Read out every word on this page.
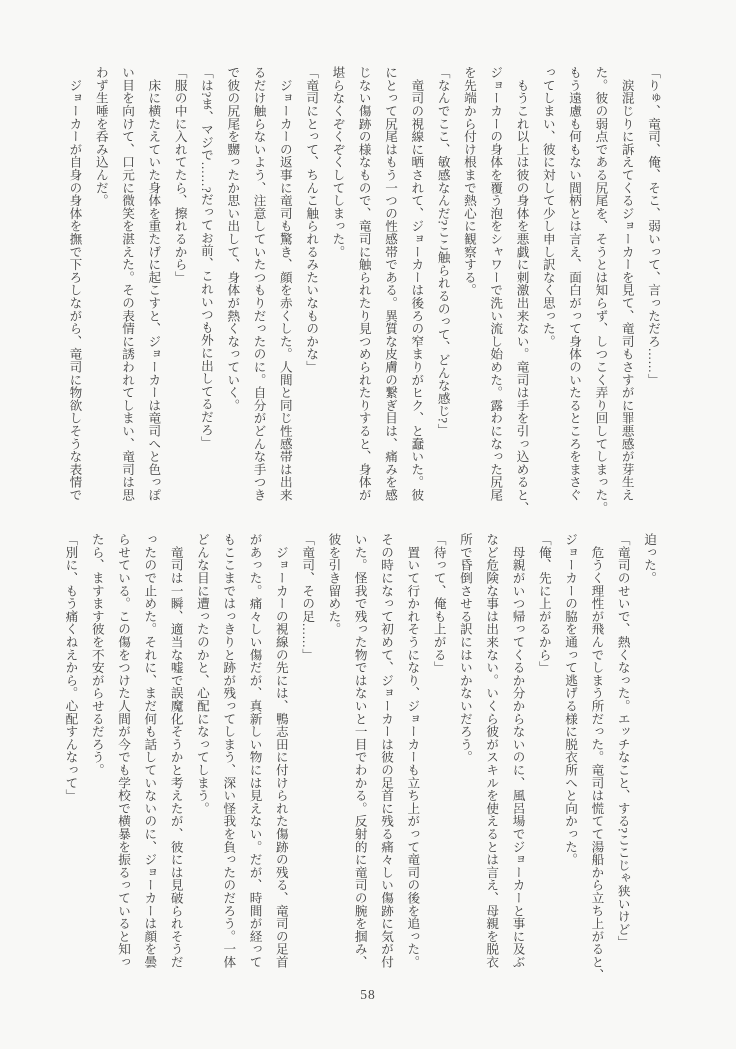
「りゅ、竜司、俺、そこ、弱いって、言っただろ……」
　涙混じりに訴えてくるジョーカーを見て、竜司もさすがに罪悪感が芽生え
た。彼の弱点である尻尾を、そうとは知らず、しつこく弄り回してしまった。
もう遠慮も何もない間柄とは言え、面白がって身体のいたるところをまさぐ
ってしまい、彼に対して少し申し訳なく思った。
　もうこれ以上は彼の身体を悪戯に刺激出来ない。竜司は手を引っ込めると、
ジョーカーの身体を覆う泡をシャワーで洗い流し始めた。露わになった尻尾
を先端から付け根まで熱心に観察する。
「なんでここ、敏感なんだ?ここ触られるのって、どんな感じ?」
　竜司の視線に晒されて、ジョーカーは後ろの窄まりがヒク、と蠢いた。彼
にとって尻尾はもう一つの性感帯である。異質な皮膚の繋ぎ目は、痛みを感
じない傷跡の様なもので、竜司に触られたり見つめられたりすると、身体が
堪らなくぞくぞくしてしまった。
「竜司にとって、ちんこ触られるみたいなものかな」
　ジョーカーの返事に竜司も驚き、顔を赤くした。人間と同じ性感帯は出来
るだけ触らないよう、注意していたつもりだったのに。自分がどんな手つき
で彼の尻尾を嬲ったか思い出して、身体が熱くなっていく。
「は?ま、マジで……?だってお前、これいつも外に出してるだろ」
「服の中に入れてたら、擦れるから」
　床に横たえていた身体を重たげに起こすと、ジョーカーは竜司へと色っぽ
い目を向けて、口元に微笑を湛えた。その表情に誘われてしまい、竜司は思
わず生唾を呑み込んだ。
　ジョーカーが自身の身体を撫で下ろしながら、竜司に物欲しそうな表情で
迫った。
「竜司のせいで、熱くなった。エッチなこと、する?ここじゃ狭いけど」
　危うく理性が飛んでしまう所だった。竜司は慌てて湯船から立ち上がると、
ジョーカーの脇を通って逃げる様に脱衣所へと向かった。
「俺、先に上がるから」
　母親がいつ帰ってくるか分からないのに、風呂場でジョーカーと事に及ぶ
など危険な事は出来ない。いくら彼がスキルを使えるとは言え、母親を脱衣
所で昏倒させる訳にはいかないだろう。
「待って、俺も上がる」
　置いて行かれそうになり、ジョーカーも立ち上がって竜司の後を追った。
その時になって初めて、ジョーカーは彼の足首に残る痛々しい傷跡に気が付
いた。怪我で残った物ではないと一目でわかる。反射的に竜司の腕を掴み、
彼を引き留めた。
「竜司、その足……」
　ジョーカーの視線の先には、鴨志田に付けられた傷跡の残る、竜司の足首
があった。痛々しい傷だが、真新しい物には見えない。だが、時間が経って
もここまではっきりと跡が残ってしまう、深い怪我を負ったのだろう。一体
どんな目に遭ったのかと、心配になってしまう。
　竜司は一瞬、適当な嘘で誤魔化そうかと考えたが、彼には見破られそうだ
ったので止めた。それに、まだ何も話していないのに、ジョーカーは顔を曇
らせている。この傷をつけた人間が今でも学校で横暴を振るっていると知っ
たら、ますます彼を不安がらせるだろう。
「別に、もう痛くねえから。心配すんなって」
58
